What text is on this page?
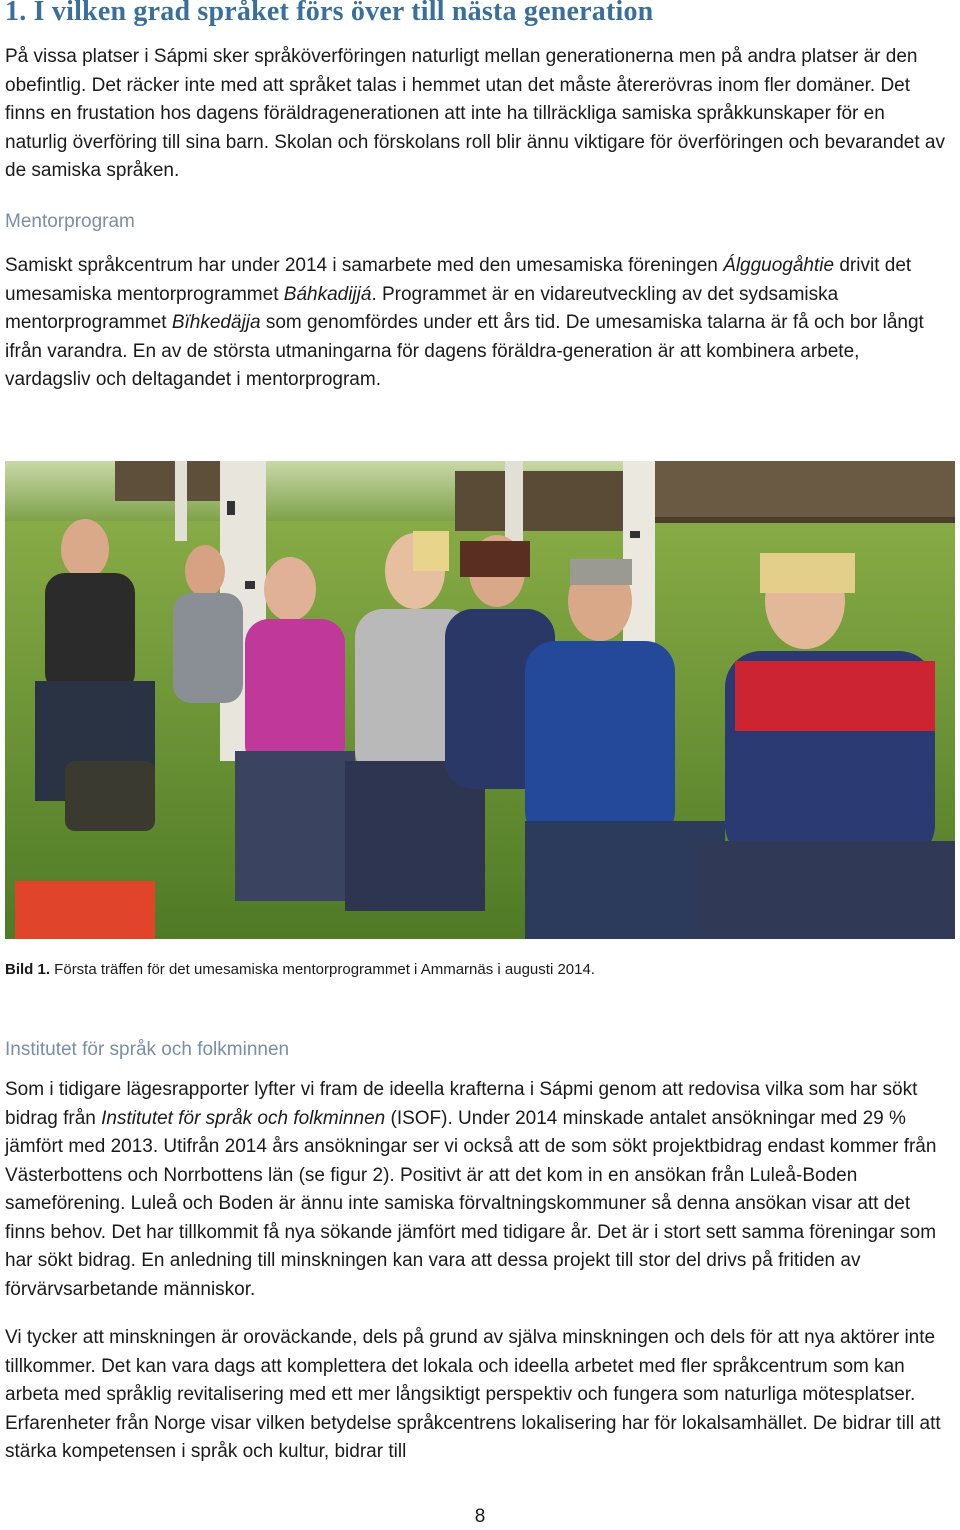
1. I vilken grad språket förs över till nästa generation

På vissa platser i Sápmi sker språköverföringen naturligt mellan generationerna men på andra platser är den obefintlig. Det räcker inte med att språket talas i hemmet utan det måste återerövras inom fler domäner. Det finns en frustation hos dagens föräldragenerationen att inte ha tillräckliga samiska språkkunskaper för en naturlig överföring till sina barn. Skolan och förskolans roll blir ännu viktigare för överföringen och bevarandet av de samiska språken.

Mentorprogram

Samiskt språkcentrum har under 2014 i samarbete med den umesamiska föreningen Álgguogåhtie drivit det umesamiska mentorprogrammet Báhkadijjá. Programmet är en vidareutveckling av det sydsamiska mentorprogrammet Bïhkedäjja som genomfördes under ett års tid. De umesamiska talarna är få och bor långt ifrån varandra. En av de största utmaningarna för dagens föräldra-generation är att kombinera arbete, vardagsliv och deltagandet i mentorprogram.

Bild 1. Första träffen för det umesamiska mentorprogrammet i Ammarnäs i augusti 2014.

Institutet för språk och folkminnen

Som i tidigare lägesrapporter lyfter vi fram de ideella krafterna i Sápmi genom att redovisa vilka som har sökt bidrag från Institutet för språk och folkminnen (ISOF). Under 2014 minskade antalet ansökningar med 29 % jämfört med 2013. Utifrån 2014 års ansökningar ser vi också att de som sökt projektbidrag endast kommer från Västerbottens och Norrbottens län (se figur 2). Positivt är att det kom in en ansökan från Luleå-Boden sameförening. Luleå och Boden är ännu inte samiska förvaltningskommuner så denna ansökan visar att det finns behov. Det har tillkommit få nya sökande jämfört med tidigare år. Det är i stort sett samma föreningar som har sökt bidrag. En anledning till minskningen kan vara att dessa projekt till stor del drivs på fritiden av förvärvsarbetande människor.

Vi tycker att minskningen är oroväckande, dels på grund av själva minskningen och dels för att nya aktörer inte tillkommer. Det kan vara dags att komplettera det lokala och ideella arbetet med fler språkcentrum som kan arbeta med språklig revitalisering med ett mer långsiktigt perspektiv och fungera som naturliga mötesplatser. Erfarenheter från Norge visar vilken betydelse språkcentrens lokalisering har för lokalsamhället. De bidrar till att stärka kompetensen i språk och kultur, bidrar till

8
